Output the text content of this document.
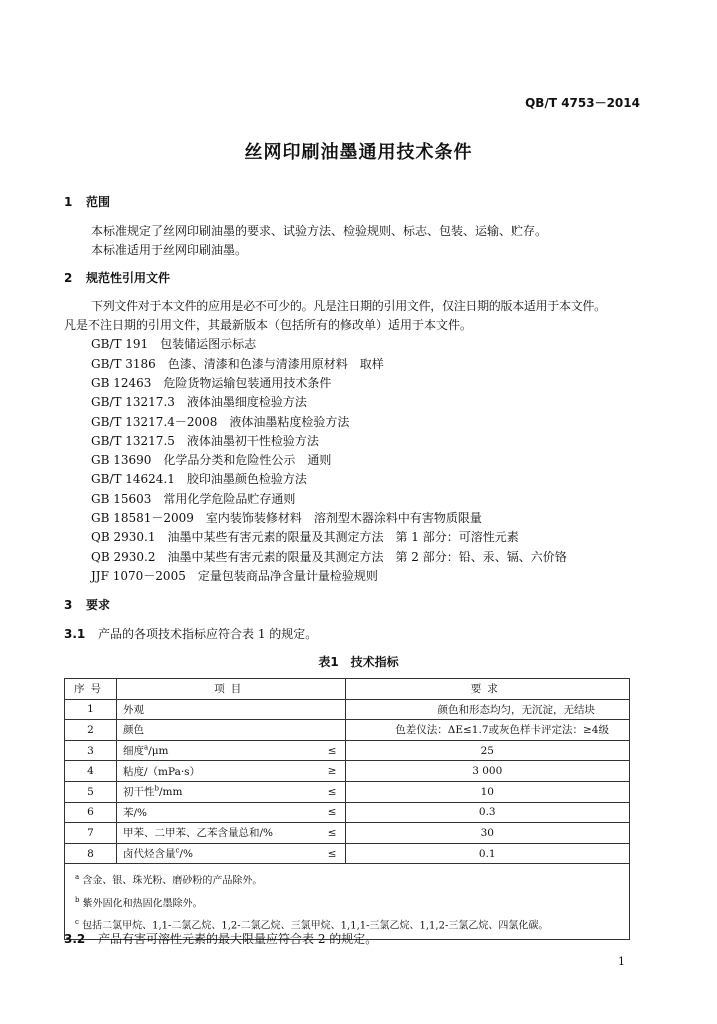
QB/T 4753－2014
丝网印刷油墨通用技术条件
1 范围
本标准规定了丝网印刷油墨的要求、试验方法、检验规则、标志、包装、运输、贮存。
本标准适用于丝网印刷油墨。
2 规范性引用文件
下列文件对于本文件的应用是必不可少的。凡是注日期的引用文件，仅注日期的版本适用于本文件。
凡是不注日期的引用文件，其最新版本（包括所有的修改单）适用于本文件。
GB/T 191　包装储运图示标志
GB/T 3186　色漆、清漆和色漆与清漆用原材料　取样
GB 12463　危险货物运输包装通用技术条件
GB/T 13217.3　液体油墨细度检验方法
GB/T 13217.4－2008　液体油墨粘度检验方法
GB/T 13217.5　液体油墨初干性检验方法
GB 13690　化学品分类和危险性公示　通则
GB/T 14624.1　胶印油墨颜色检验方法
GB 15603　常用化学危险品贮存通则
GB 18581－2009　室内装饰装修材料　溶剂型木器涂料中有害物质限量
QB 2930.1　油墨中某些有害元素的限量及其测定方法　第 1 部分：可溶性元素
QB 2930.2　油墨中某些有害元素的限量及其测定方法　第 2 部分：铅、汞、镉、六价铬
JJF 1070－2005　定量包装商品净含量计量检验规则
3 要求
3.1 产品的各项技术指标应符合表 1 的规定。
表1　技术指标
序号	项目		要求
1	外观		颜色和形态均匀，无沉淀，无结块
2	颜色		色差仪法：ΔE≤1.7或灰色样卡评定法：≥4级
3	细度$^a$/μm	≤	25
4	粘度/（mPa·s）	≥	3 000
5	初干性$^b$/mm	≤	10
6	苯/%	≤	0.3
7	甲苯、二甲苯、乙苯含量总和/%	≤	30
8	卤代烃含量$^c$/%	≤	0.1

$^a$ 含金、银、珠光粉、磨砂粉的产品除外。
$^b$ 紫外固化和热固化墨除外。
$^c$ 包括二氯甲烷、1,1-二氯乙烷、1,2-二氯乙烷、三氯甲烷、1,1,1-三氯乙烷、1,1,2-三氯乙烷、四氯化碳。			
3.2 产品有害可溶性元素的最大限量应符合表 2 的规定。
1
